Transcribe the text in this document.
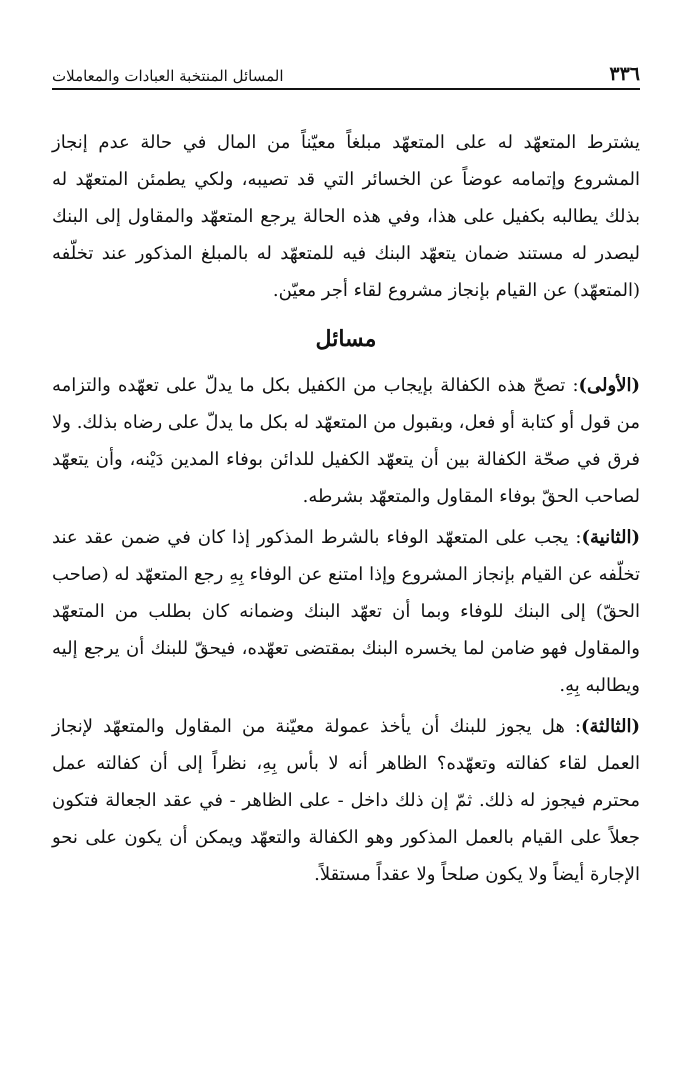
٣٣٦
المسائل المنتخبة العبادات والمعاملات

يشترط المتعهّد له على المتعهّد مبلغاً معيّناً من المال في حالة عدم إنجاز المشروع وإتمامه عوضاً عن الخسائر التي قد تصيبه، ولكي يطمئن المتعهّد له بذلك يطالبه بكفيل على هذا، وفي هذه الحالة يرجع المتعهّد والمقاول إلى البنك ليصدر له مستند ضمان يتعهّد البنك فيه للمتعهّد له بالمبلغ المذكور عند تخلّفه (المتعهّد) عن القيام بإنجاز مشروع لقاء أجر معيّن.

مسائل

(الأولى): تصحّ هذه الكفالة بإيجاب من الكفيل بكل ما يدلّ على تعهّده والتزامه من قول أو كتابة أو فعل، وبقبول من المتعهّد له بكل ما يدلّ على رضاه بذلك. ولا فرق في صحّة الكفالة بين أن يتعهّد الكفيل للدائن بوفاء المدين دَيْنه، وأن يتعهّد لصاحب الحقّ بوفاء المقاول والمتعهّد بشرطه.

(الثانية): يجب على المتعهّد الوفاء بالشرط المذكور إذا كان في ضمن عقد عند تخلّفه عن القيام بإنجاز المشروع وإذا امتنع عن الوفاء بِهِ رجع المتعهّد له (صاحب الحقّ) إلى البنك للوفاء وبما أن تعهّد البنك وضمانه كان بطلب من المتعهّد والمقاول فهو ضامن لما يخسره البنك بمقتضى تعهّده، فيحقّ للبنك أن يرجع إليه ويطالبه بِهِ.

(الثالثة): هل يجوز للبنك أن يأخذ عمولة معيّنة من المقاول والمتعهّد لإنجاز العمل لقاء كفالته وتعهّده؟ الظاهر أنه لا بأس بِهِ، نظراً إلى أن كفالته عمل محترم فيجوز له ذلك. ثمّ إن ذلك داخل - على الظاهر - في عقد الجعالة فتكون جعلاً على القيام بالعمل المذكور وهو الكفالة والتعهّد ويمكن أن يكون على نحو الإجارة أيضاً ولا يكون صلحاً ولا عقداً مستقلاً.
